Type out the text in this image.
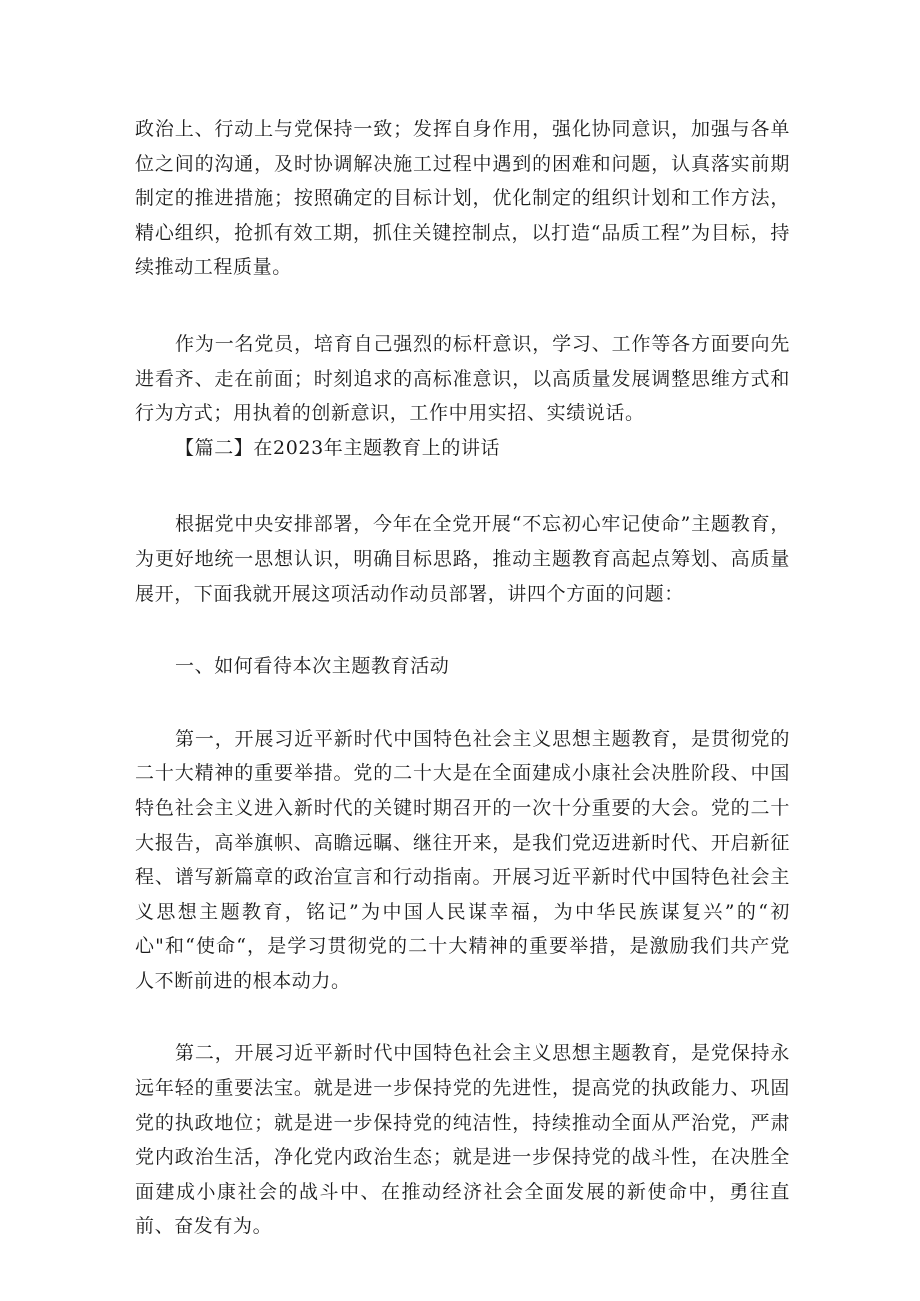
政治上、行动上与党保持一致；发挥自身作用，强化协同意识，加强与各单位之间的沟通，及时协调解决施工过程中遇到的困难和问题，认真落实前期制定的推进措施；按照确定的目标计划，优化制定的组织计划和工作方法，精心组织，抢抓有效工期，抓住关键控制点，以打造“品质工程”为目标，持续推动工程质量。

作为一名党员，培育自己强烈的标杆意识，学习、工作等各方面要向先进看齐、走在前面；时刻追求的高标准意识，以高质量发展调整思维方式和行为方式；用执着的创新意识，工作中用实招、实绩说话。

【篇二】在2023年主题教育上的讲话

根据党中央安排部署，今年在全党开展“不忘初心牢记使命”主题教育，为更好地统一思想认识，明确目标思路，推动主题教育高起点筹划、高质量展开，下面我就开展这项活动作动员部署，讲四个方面的问题：

一、如何看待本次主题教育活动

第一，开展习近平新时代中国特色社会主义思想主题教育，是贯彻党的二十大精神的重要举措。党的二十大是在全面建成小康社会决胜阶段、中国特色社会主义进入新时代的关键时期召开的一次十分重要的大会。党的二十大报告，高举旗帜、高瞻远瞩、继往开来，是我们党迈进新时代、开启新征程、谱写新篇章的政治宣言和行动指南。开展习近平新时代中国特色社会主义思想主题教育，铭记”为中国人民谋幸福，为中华民族谋复兴”的“初心"和“使命“，是学习贯彻党的二十大精神的重要举措，是激励我们共产党人不断前进的根本动力。

第二，开展习近平新时代中国特色社会主义思想主题教育，是党保持永远年轻的重要法宝。就是进一步保持党的先进性，提高党的执政能力、巩固党的执政地位；就是进一步保持党的纯洁性，持续推动全面从严治党，严肃党内政治生活，净化党内政治生态；就是进一步保持党的战斗性，在决胜全面建成小康社会的战斗中、在推动经济社会全面发展的新使命中，勇往直前、奋发有为。
